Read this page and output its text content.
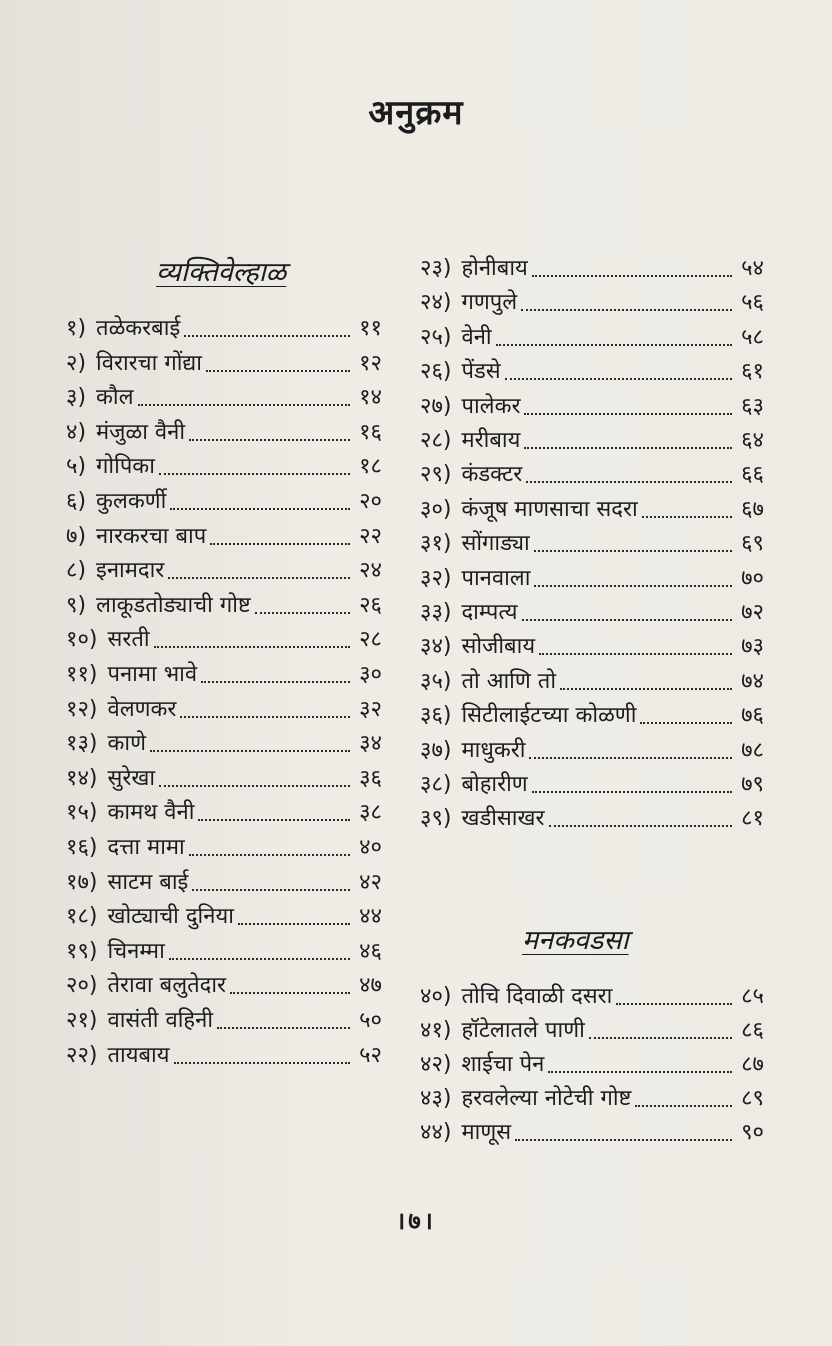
अनुक्रम
व्यक्तिवेल्हाळ
मनकवडसा
१) तळेकरबाई	११
२) विरारचा गोंद्या	१२
३) कौल	१४
४) मंजुळा वैनी	१६
५) गोपिका	१८
६) कुलकर्णी	२०
७) नारकरचा बाप	२२
८) इनामदार	२४
९) लाकूडतोड्याची गोष्ट	२६
१०) सरती	२८
११) पनामा भावे	३०
१२) वेलणकर	३२
१३) काणे	३४
१४) सुरेखा	३६
१५) कामथ वैनी	३८
१६) दत्ता मामा	४०
१७) साटम बाई	४२
१८) खोट्याची दुनिया	४४
१९) चिनम्मा	४६
२०) तेरावा बलुतेदार	४७
२१) वासंती वहिनी	५०
२२) तायबाय	५२
२३) होनीबाय	५४
२४) गणपुले	५६
२५) वेनी	५८
२६) पेंडसे	६१
२७) पालेकर	६३
२८) मरीबाय	६४
२९) कंडक्टर	६६
३०) कंजूष माणसाचा सदरा	६७
३१) सोंगाड्या	६९
३२) पानवाला	७०
३३) दाम्पत्य	७२
३४) सोजीबाय	७३
३५) तो आणि तो	७४
३६) सिटीलाईटच्या कोळणी	७६
३७) माधुकरी	७८
३८) बोहारीण	७९
३९) खडीसाखर	८१
४०) तोचि दिवाळी दसरा	८५
४१) हॉटेलातले पाणी	८६
४२) शाईचा पेन	८७
४३) हरवलेल्या नोटेची गोष्ट	८९
४४) माणूस	९०
।७।
